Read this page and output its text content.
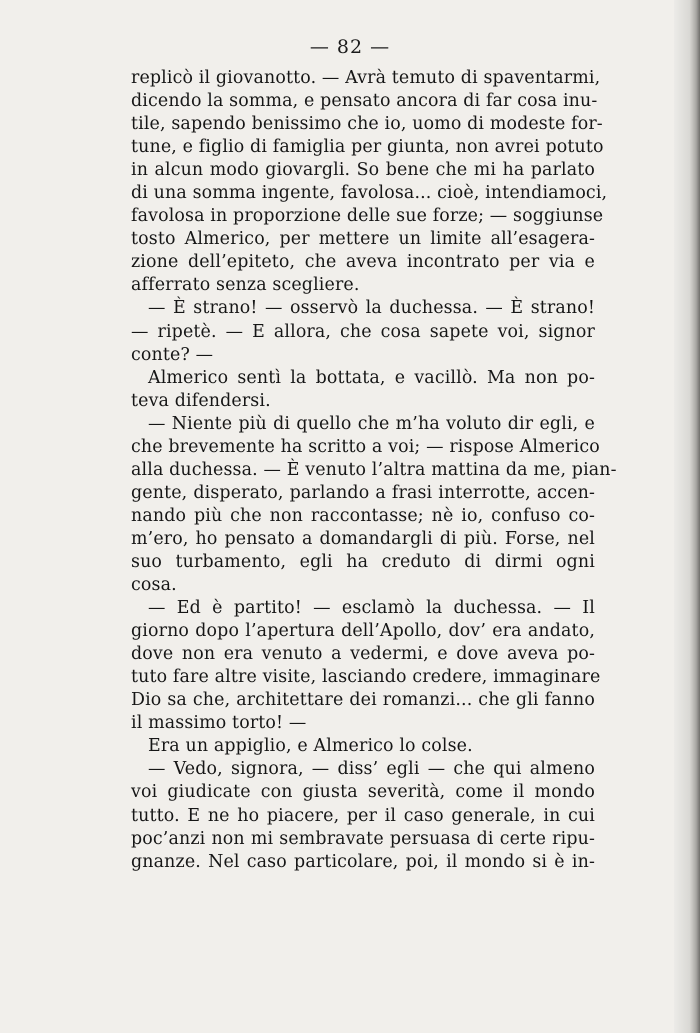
— 82 —
replicò il giovanotto. — Avrà temuto di spaventarmi,
dicendo la somma, e pensato ancora di far cosa inu-
tile, sapendo benissimo che io, uomo di modeste for-
tune, e figlio di famiglia per giunta, non avrei potuto
in alcun modo giovargli. So bene che mi ha parlato
di una somma ingente, favolosa... cioè, intendiamoci,
favolosa in proporzione delle sue forze; — soggiunse
tosto Almerico, per mettere un limite all’esagera-
zione dell’epiteto, che aveva incontrato per via e
afferrato senza scegliere.
— È strano! — osservò la duchessa. — È strano!
— ripetè. — E allora, che cosa sapete voi, signor
conte? —
Almerico sentì la bottata, e vacillò. Ma non po-
teva difendersi.
— Niente più di quello che m’ha voluto dir egli, e
che brevemente ha scritto a voi; — rispose Almerico
alla duchessa. — È venuto l’altra mattina da me, pian-
gente, disperato, parlando a frasi interrotte, accen-
nando più che non raccontasse; nè io, confuso co-
m’ero, ho pensato a domandargli di più. Forse, nel
suo turbamento, egli ha creduto di dirmi ogni
cosa.
— Ed è partito! — esclamò la duchessa. — Il
giorno dopo l’apertura dell’Apollo, dov’ era andato,
dove non era venuto a vedermi, e dove aveva po-
tuto fare altre visite, lasciando credere, immaginare
Dio sa che, architettare dei romanzi... che gli fanno
il massimo torto! —
Era un appiglio, e Almerico lo colse.
— Vedo, signora, — diss’ egli — che qui almeno
voi giudicate con giusta severità, come il mondo
tutto. E ne ho piacere, per il caso generale, in cui
poc’anzi non mi sembravate persuasa di certe ripu-
gnanze. Nel caso particolare, poi, il mondo si è in-
